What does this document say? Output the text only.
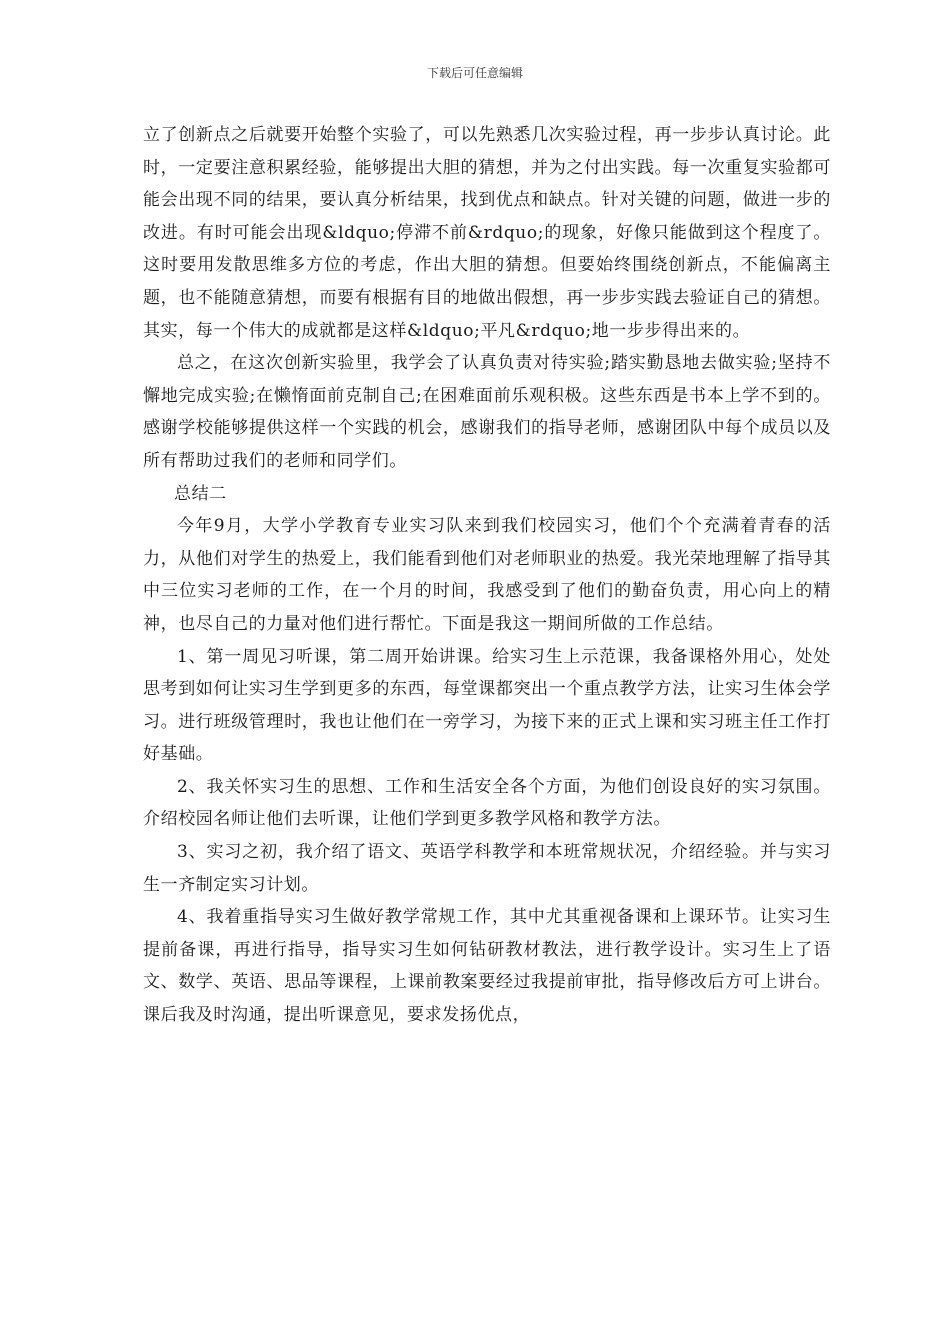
下载后可任意编辑

立了创新点之后就要开始整个实验了，可以先熟悉几次实验过程，再一步步认真讨论。此时，一定要注意积累经验，能够提出大胆的猜想，并为之付出实践。每一次重复实验都可能会出现不同的结果，要认真分析结果，找到优点和缺点。针对关键的问题，做进一步的改进。有时可能会出现&ldquo;停滞不前&rdquo;的现象，好像只能做到这个程度了。这时要用发散思维多方位的考虑，作出大胆的猜想。但要始终围绕创新点，不能偏离主题，也不能随意猜想，而要有根据有目的地做出假想，再一步步实践去验证自己的猜想。其实，每一个伟大的成就都是这样&ldquo;平凡&rdquo;地一步步得出来的。

总之，在这次创新实验里，我学会了认真负责对待实验;踏实勤恳地去做实验;坚持不懈地完成实验;在懒惰面前克制自己;在困难面前乐观积极。这些东西是书本上学不到的。感谢学校能够提供这样一个实践的机会，感谢我们的指导老师，感谢团队中每个成员以及所有帮助过我们的老师和同学们。

总结二

今年9月，大学小学教育专业实习队来到我们校园实习，他们个个充满着青春的活力，从他们对学生的热爱上，我们能看到他们对老师职业的热爱。我光荣地理解了指导其中三位实习老师的工作，在一个月的时间，我感受到了他们的勤奋负责，用心向上的精神，也尽自己的力量对他们进行帮忙。下面是我这一期间所做的工作总结。

1、第一周见习听课，第二周开始讲课。给实习生上示范课，我备课格外用心，处处思考到如何让实习生学到更多的东西，每堂课都突出一个重点教学方法，让实习生体会学习。进行班级管理时，我也让他们在一旁学习，为接下来的正式上课和实习班主任工作打好基础。

2、我关怀实习生的思想、工作和生活安全各个方面，为他们创设良好的实习氛围。介绍校园名师让他们去听课，让他们学到更多教学风格和教学方法。

3、实习之初，我介绍了语文、英语学科教学和本班常规状况，介绍经验。并与实习生一齐制定实习计划。

4、我着重指导实习生做好教学常规工作，其中尤其重视备课和上课环节。让实习生提前备课，再进行指导，指导实习生如何钻研教材教法，进行教学设计。实习生上了语文、数学、英语、思品等课程，上课前教案要经过我提前审批，指导修改后方可上讲台。课后我及时沟通，提出听课意见，要求发扬优点，
